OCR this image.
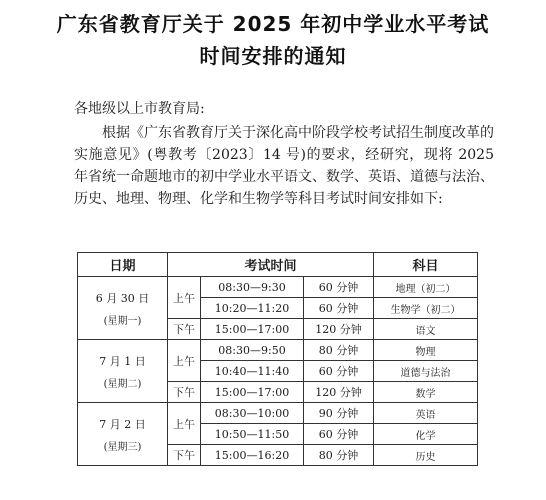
广东省教育厅关于 2025 年初中学业水平考试
时间安排的通知
各地级以上市教育局:

根据《广东省教育厅关于深化高中阶段学校考试招生制度改革的实施意见》(粤教考〔2023〕14 号)的要求，经研究，现将 2025 年省统一命题地市的初中学业水平语文、数学、英语、道德与法治、历史、地理、物理、化学和生物学等科目考试时间安排如下:

日期	考试时间			科目

6 月 30 日
(星期一)	上午	08:30—9:30	60 分钟	地理（初二）
		10:20—11:20	60 分钟	生物学（初二）
	下午	15:00—17:00	120 分钟	语文

7 月 1 日
(星期二)	上午	08:30—9:50	80 分钟	物理
		10:40—11:40	60 分钟	道德与法治
	下午	15:00—17:00	120 分钟	数学

7 月 2 日
(星期三)	上午	08:30—10:00	90 分钟	英语
		10:50—11:50	60 分钟	化学
	下午	15:00—16:20	80 分钟	历史
